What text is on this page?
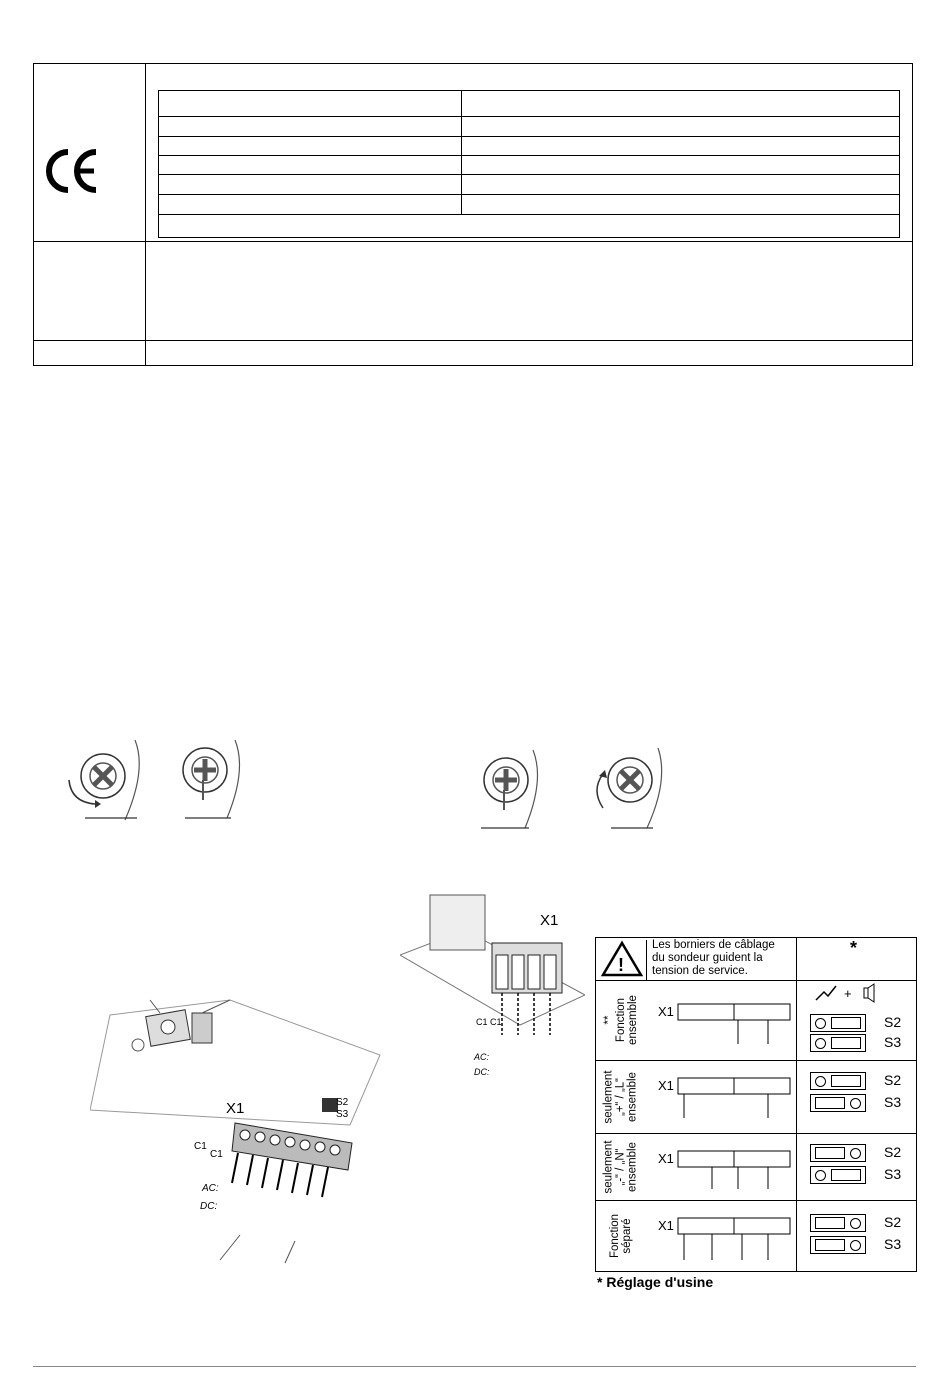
X1
C1
C1
S2
S3
AC:
DC:
X1
C1 C1
AC:
DC:
!
Les borniers de câblage
du sondeur guident la
tension de service.
*
+
** Fonction ensemble X1
S2
S3
seulement „+“ / „L“ ensemble X1	S2
S3
seulement „-“ / „N“ ensemble X1	S2
S3
Fonction séparé X1	S2
S3
* Réglage d'usine
